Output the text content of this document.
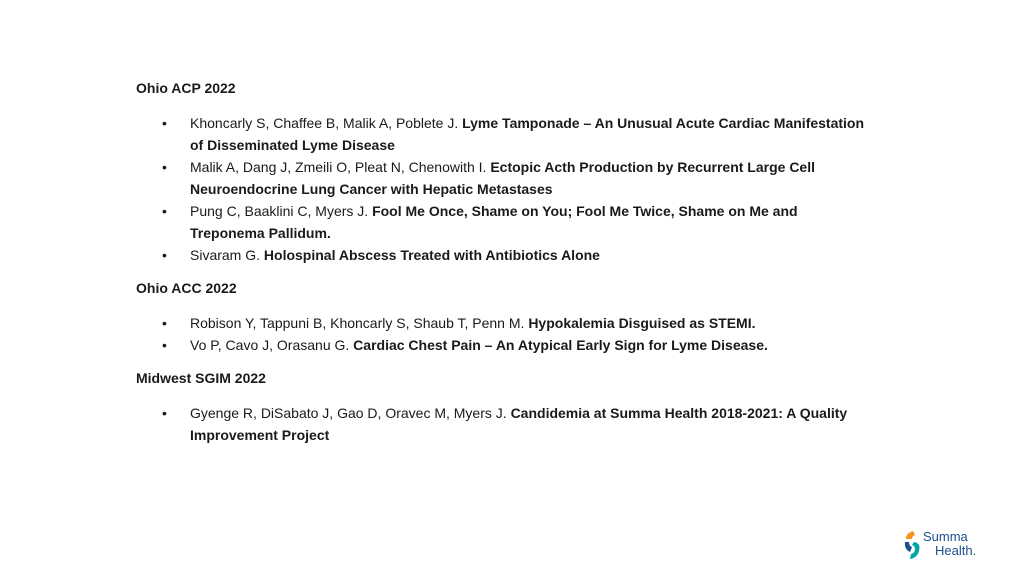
Ohio ACP 2022
• Khoncarly S, Chaffee B, Malik A, Poblete J. Lyme Tamponade – An Unusual Acute Cardiac Manifestation of Disseminated Lyme Disease
• Malik A, Dang J, Zmeili O, Pleat N, Chenowith I. Ectopic Acth Production by Recurrent Large Cell Neuroendocrine Lung Cancer with Hepatic Metastases
• Pung C, Baaklini C, Myers J. Fool Me Once, Shame on You; Fool Me Twice, Shame on Me and Treponema Pallidum.
• Sivaram G. Holospinal Abscess Treated with Antibiotics Alone
Ohio ACC 2022
• Robison Y, Tappuni B, Khoncarly S, Shaub T, Penn M. Hypokalemia Disguised as STEMI.
• Vo P, Cavo J, Orasanu G. Cardiac Chest Pain – An Atypical Early Sign for Lyme Disease.
Midwest SGIM 2022
• Gyenge R, DiSabato J, Gao D, Oravec M, Myers J. Candidemia at Summa Health 2018-2021: A Quality Improvement Project
Summa
Health.
